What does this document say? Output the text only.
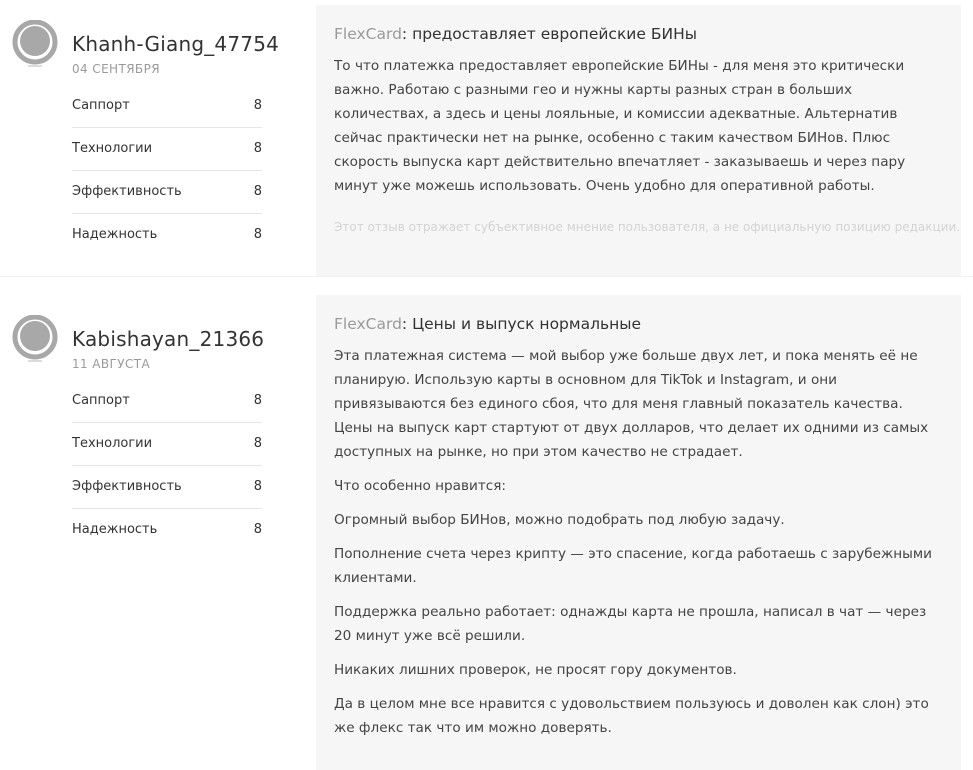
Khanh-Giang_47754
04 СЕНТЯБРЯ
Саппорт	8
Технологии	8
Эффективность	8
Надежность	8
FlexCard: предоставляет европейские БИНы

То что платежка предоставляет европейские БИНы - для меня это критически важно. Работаю с разными гео и нужны карты разных стран в больших количествах, а здесь и цены лояльные, и комиссии адекватные. Альтернатив сейчас практически нет на рынке, особенно с таким качеством БИНов. Плюс скорость выпуска карт действительно впечатляет - заказываешь и через пару минут уже можешь использовать. Очень удобно для оперативной работы.

Этот отзыв отражает субъективное мнение пользователя, а не официальную позицию редакции.
Kabishayan_21366
11 АВГУСТА
Саппорт	8
Технологии	8
Эффективность	8
Надежность	8
FlexCard: Цены и выпуск нормальные

Эта платежная система — мой выбор уже больше двух лет, и пока менять её не планирую. Использую карты в основном для TikTok и Instagram, и они привязываются без единого сбоя, что для меня главный показатель качества. Цены на выпуск карт стартуют от двух долларов, что делает их одними из самых доступных на рынке, но при этом качество не страдает.

Что особенно нравится:

Огромный выбор БИНов, можно подобрать под любую задачу.

Пополнение счета через крипту — это спасение, когда работаешь с зарубежными клиентами.

Поддержка реально работает: однажды карта не прошла, написал в чат — через 20 минут уже всё решили.

Никаких лишних проверок, не просят гору документов.

Да в целом мне все нравится с удовольствием пользуюсь и доволен как слон) это же флекс так что им можно доверять.
